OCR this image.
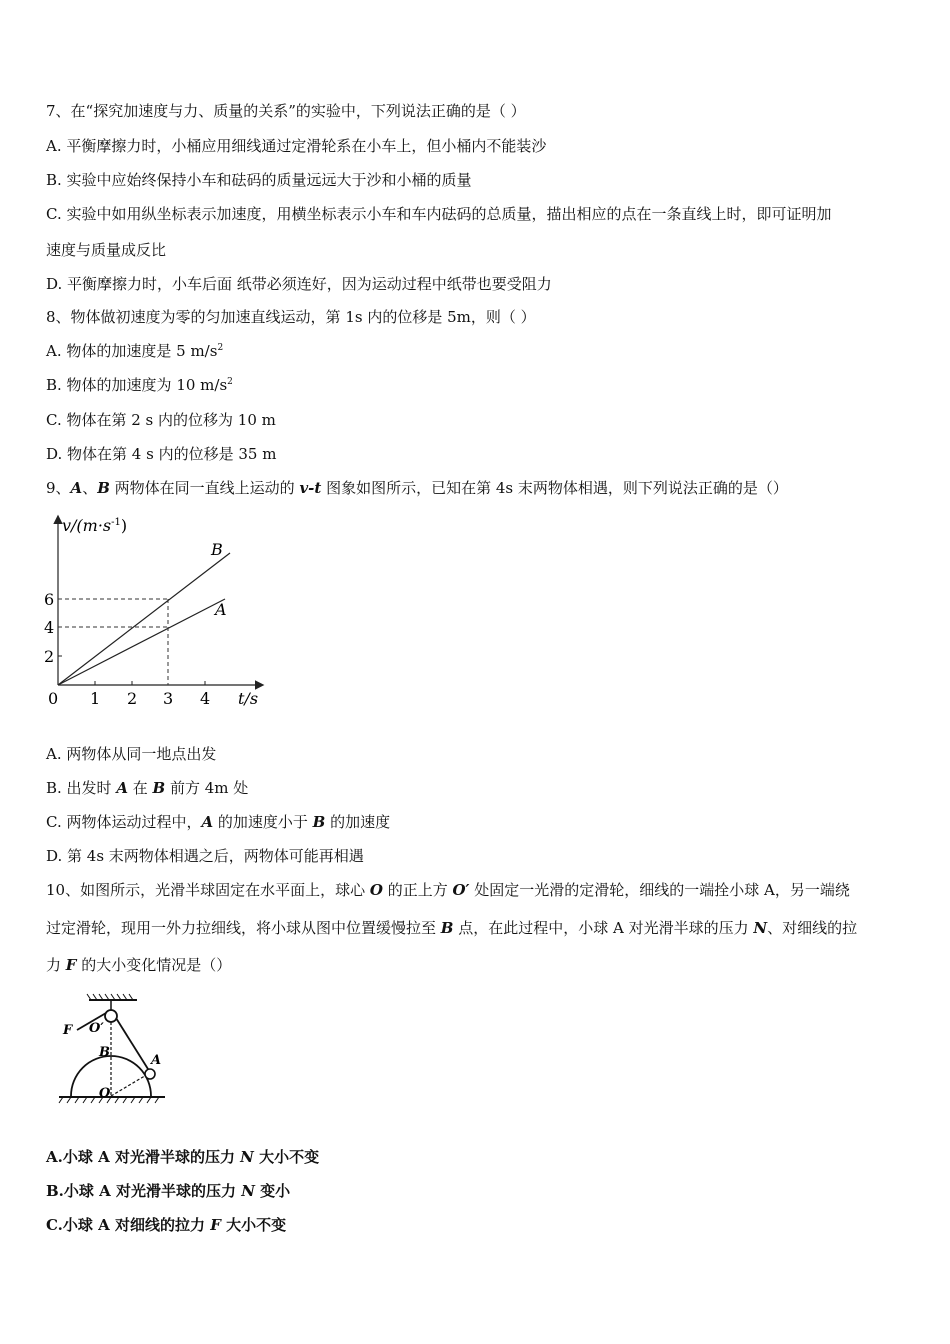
7、在“探究加速度与力、质量的关系”的实验中，下列说法正确的是（ ）
A. 平衡摩擦力时，小桶应用细线通过定滑轮系在小车上，但小桶内不能装沙
B. 实验中应始终保持小车和砝码的质量远远大于沙和小桶的质量
C. 实验中如用纵坐标表示加速度，用横坐标表示小车和车内砝码的总质量，描出相应的点在一条直线上时，即可证明加
速度与质量成反比
D. 平衡摩擦力时，小车后面 纸带必须连好，因为运动过程中纸带也要受阻力
8、物体做初速度为零的匀加速直线运动，第 1s 内的位移是 5m，则（ ）
A. 物体的加速度是 5 $m/s^2$
B. 物体的加速度为 10 $m/s^2$
C. 物体在第 2 s 内的位移为 10 m
D. 物体在第 4 s 内的位移是 35 m
9、A、B 两物体在同一直线上运动的 v-t 图象如图所示，已知在第 4s 末两物体相遇，则下列说法正确的是（）
$v/(m\cdot s^{-1})$
B
A
6
4
2
0 1 2 3 4 t/s
A. 两物体从同一地点出发
B. 出发时 A 在 B 前方 4m 处
C. 两物体运动过程中，A 的加速度小于 B 的加速度
D. 第 4s 末两物体相遇之后，两物体可能再相遇
10、如图所示，光滑半球固定在水平面上，球心 O 的正上方 O′ 处固定一光滑的定滑轮，细线的一端拴小球 A，另一端绕
过定滑轮，现用一外力拉细线，将小球从图中位置缓慢拉至 B 点，在此过程中，小球 A 对光滑半球的压力 N、对细线的拉
力 F 的大小变化情况是（）
F O′
B
A
O
A.小球 A 对光滑半球的压力 N 大小不变
B.小球 A 对光滑半球的压力 N 变小
C.小球 A 对细线的拉力 F 大小不变
